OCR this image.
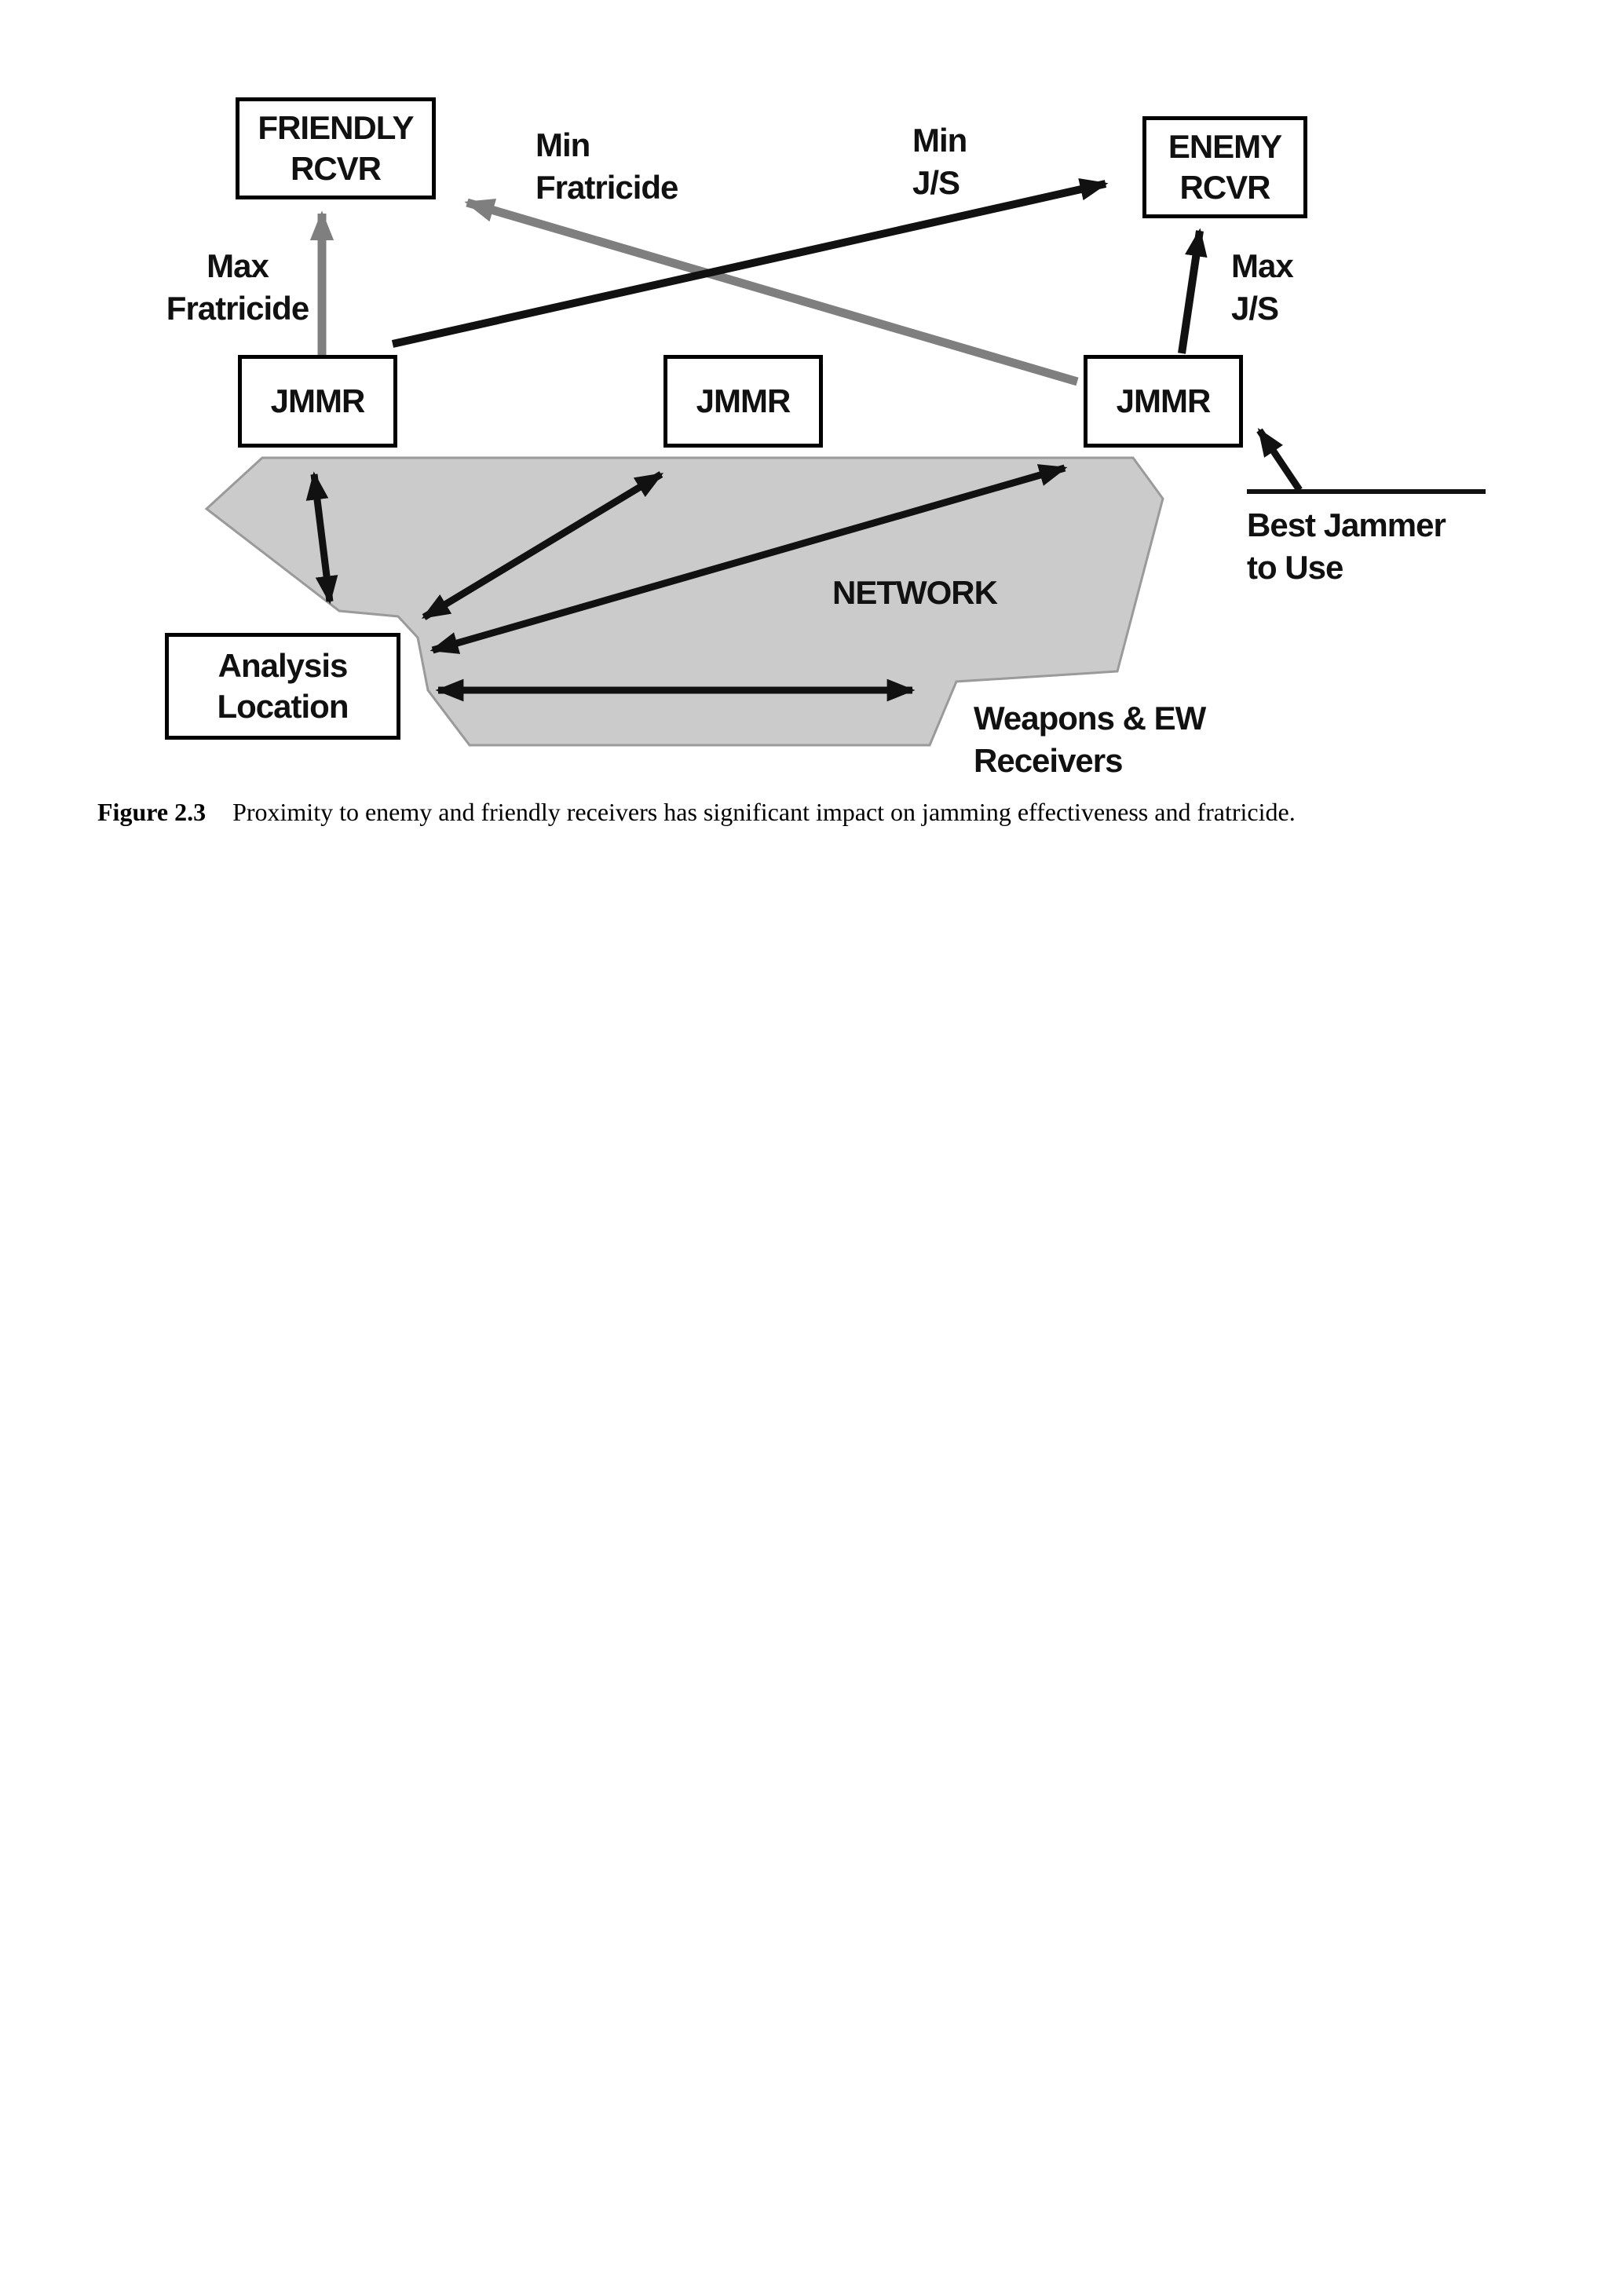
FRIENDLY
RCVR
ENEMY
RCVR
JMMR	JMMR	JMMR
Analysis
Location
Max
Fratricide
Min
Fratricide
Min
J/S
Max
J/S
NETWORK
Best Jammer
to Use
Weapons & EW
Receivers
Figure 2.3 Proximity to enemy and friendly receivers has significant impact on jamming effectiveness and fratricide.
